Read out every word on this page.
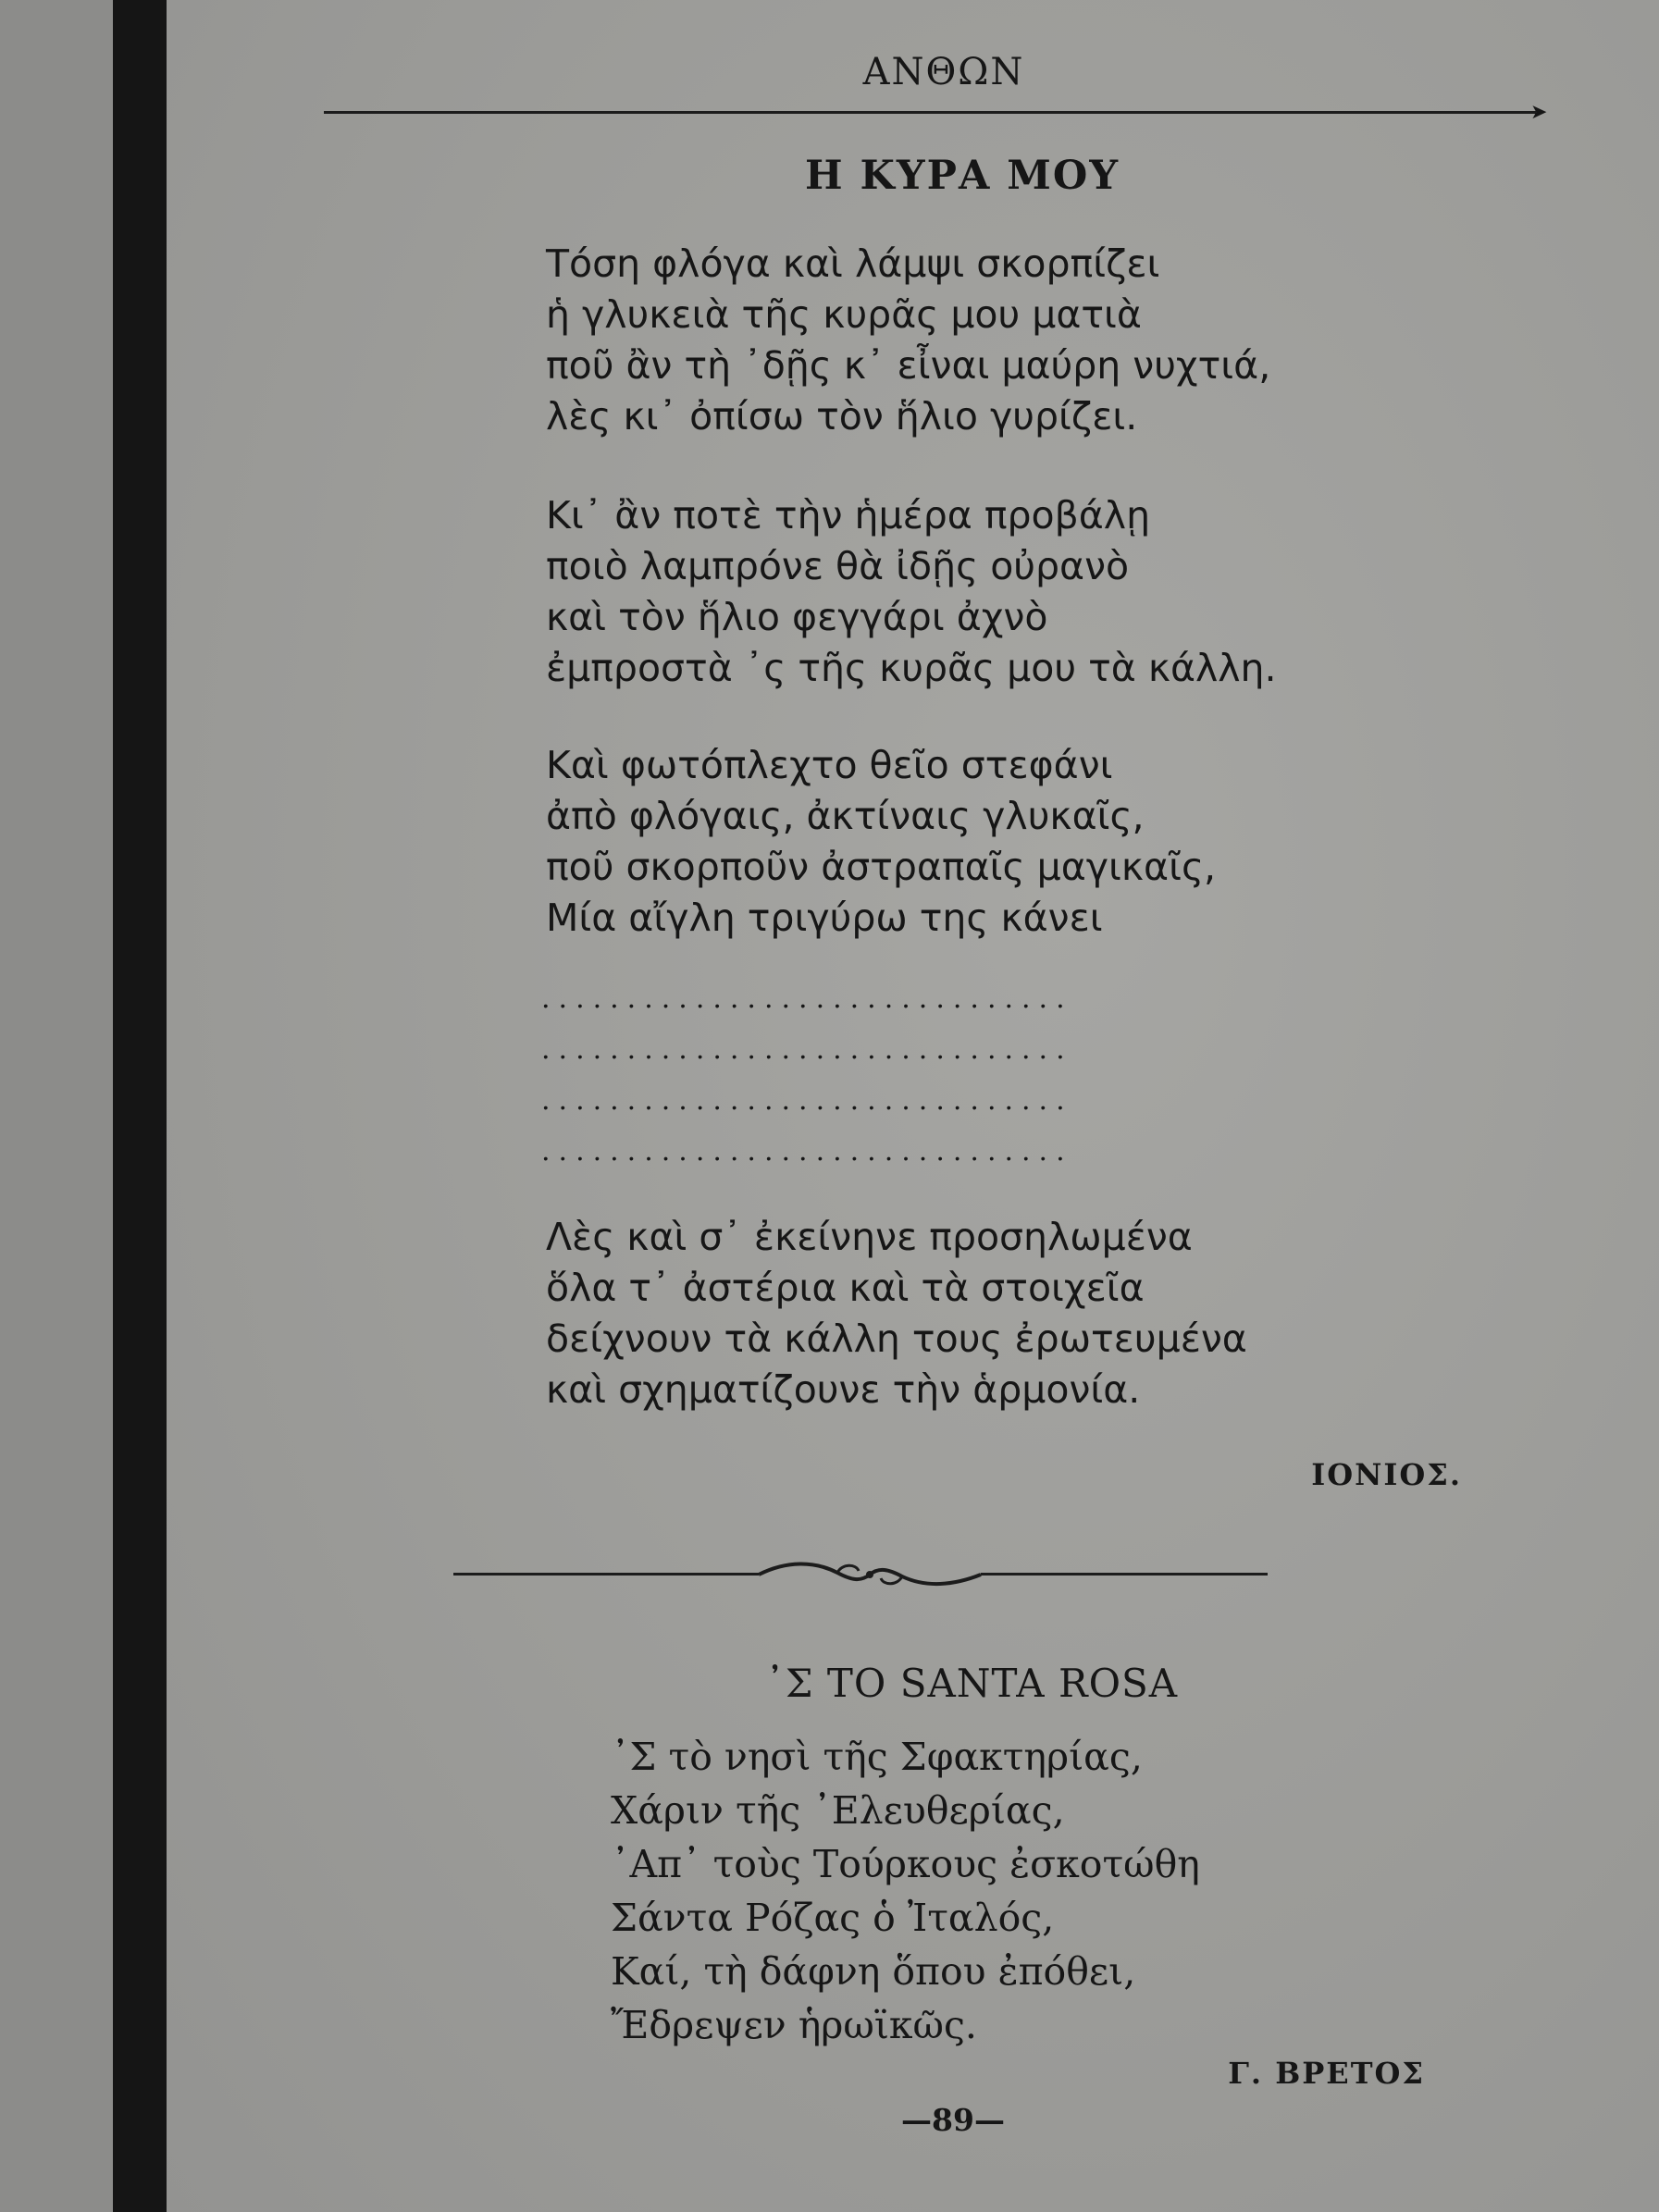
ΑΝΘΩΝ
➤
Η ΚΥΡΑ ΜΟΥ
Τόση φλόγα καὶ λάμψι σκορπίζει
ἡ γλυκειὰ τῆς κυρᾶς μου ματιὰ
ποῦ ἂν τὴ ᾿δῇς κ᾿ εἶναι μαύρη νυχτιά,
λὲς κι᾿ ὀπίσω τὸν ἥλιο γυρίζει.
Κι᾿ ἂν ποτὲ τὴν ἡμέρα προβάλῃ
ποιὸ λαμπρόνε θὰ ἰδῇς οὐρανὸ
καὶ τὸν ἥλιο φεγγάρι ἀχνὸ
ἐμπροστὰ ᾿ς τῆς κυρᾶς μου τὰ κάλλη.
Καὶ φωτόπλεχτο θεῖο στεφάνι
ἀπὸ φλόγαις, ἀκτίναις γλυκαῖς,
ποῦ σκορποῦν ἀστραπαῖς μαγικαῖς,
Μία αἴγλη τριγύρω της κάνει
...............................
...............................
...............................
...............................
Λὲς καὶ σ᾿ ἐκείνηνε προσηλωμένα
ὅλα τ᾿ ἀστέρια καὶ τὰ στοιχεῖα
δείχνουν τὰ κάλλη τους ἐρωτευμένα
καὶ σχηματίζουνε τὴν ἁρμονία.
ΙΟΝΙΟΣ.
᾿Σ ΤΟ SANTA ROSA
᾿Σ τὸ νησὶ τῆς Σφακτηρίας,
Χάριν τῆς ᾿Ελευθερίας,
᾿Απ᾿ τοὺς Τούρκους ἐσκοτώθη
Σάντα Ρόζας ὁ Ἰταλός,
Καί, τὴ δάφνη ὅπου ἐπόθει,
Ἔδρεψεν ἡρωϊκῶς.
Γ. ΒΡΕΤΟΣ
—89—
